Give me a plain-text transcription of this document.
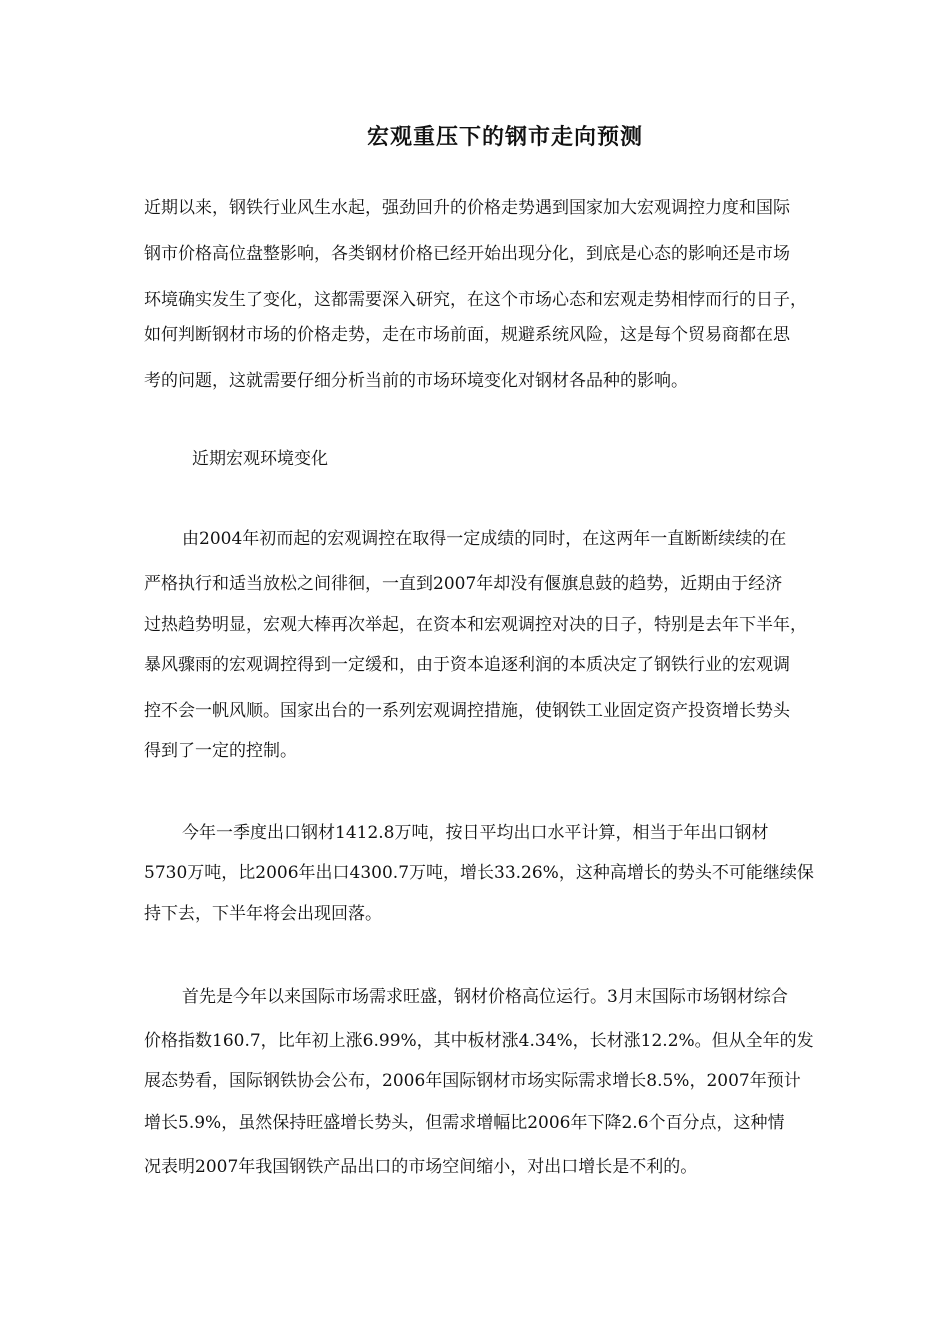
宏观重压下的钢市走向预测

近期以来，钢铁行业风生水起，强劲回升的价格走势遇到国家加大宏观调控力度和国际

钢市价格高位盘整影响，各类钢材价格已经开始出现分化，到底是心态的影响还是市场

环境确实发生了变化，这都需要深入研究，在这个市场心态和宏观走势相悖而行的日子，

如何判断钢材市场的价格走势，走在市场前面，规避系统风险，这是每个贸易商都在思

考的问题，这就需要仔细分析当前的市场环境变化对钢材各品种的影响。

近期宏观环境变化

由2004年初而起的宏观调控在取得一定成绩的同时，在这两年一直断断续续的在

严格执行和适当放松之间徘徊，一直到2007年却没有偃旗息鼓的趋势，近期由于经济

过热趋势明显，宏观大棒再次举起，在资本和宏观调控对决的日子，特别是去年下半年，

暴风骤雨的宏观调控得到一定缓和，由于资本追逐利润的本质决定了钢铁行业的宏观调

控不会一帆风顺。国家出台的一系列宏观调控措施，使钢铁工业固定资产投资增长势头

得到了一定的控制。

今年一季度出口钢材1412.8万吨，按日平均出口水平计算，相当于年出口钢材

5730万吨，比2006年出口4300.7万吨，增长33.26%，这种高增长的势头不可能继续保

持下去，下半年将会出现回落。

首先是今年以来国际市场需求旺盛，钢材价格高位运行。3月末国际市场钢材综合

价格指数160.7，比年初上涨6.99%，其中板材涨4.34%，长材涨12.2%。但从全年的发

展态势看，国际钢铁协会公布，2006年国际钢材市场实际需求增长8.5%，2007年预计

增长5.9%，虽然保持旺盛增长势头，但需求增幅比2006年下降2.6个百分点，这种情

况表明2007年我国钢铁产品出口的市场空间缩小，对出口增长是不利的。
